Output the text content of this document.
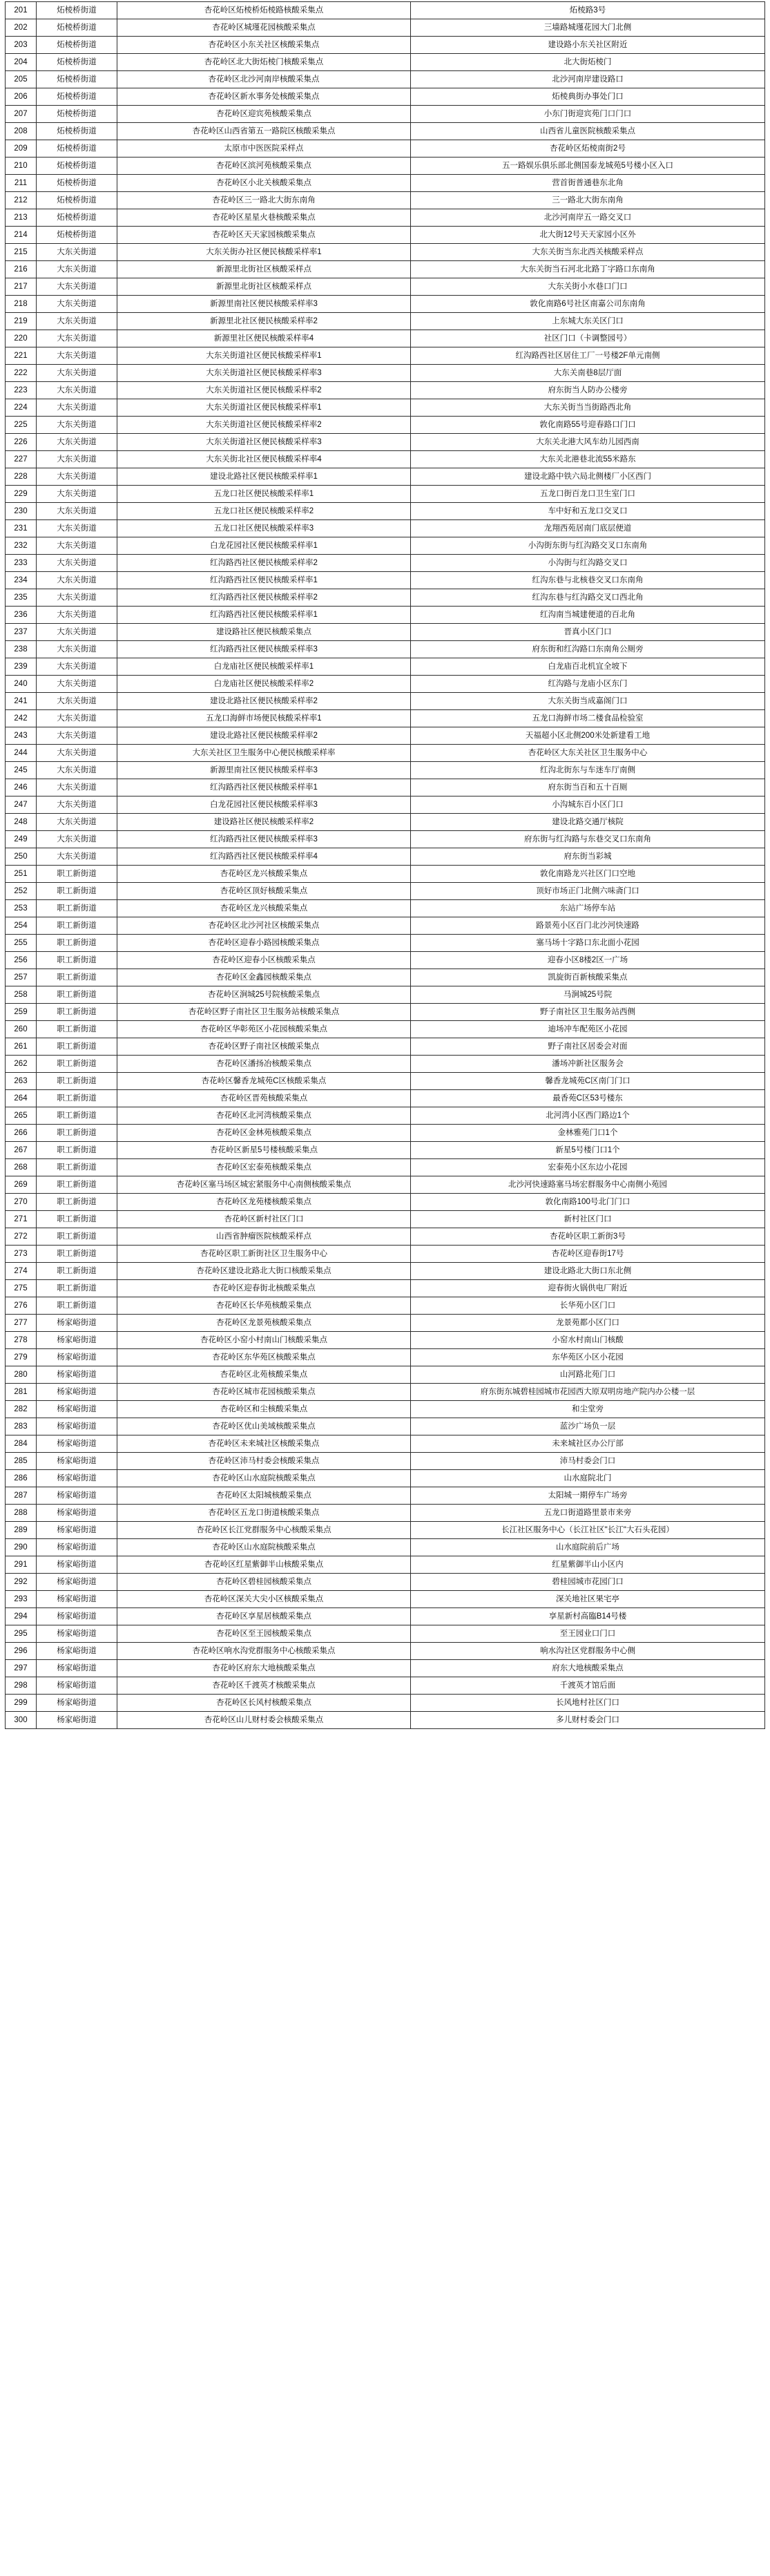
201	炻棱桥街道	杏花岭区炻棱桥炻棱路核酸采集点	炻棱路3号
202	炻棱桥街道	杏花岭区城瑾花园核酸采集点	三墙路城瑾花园大门北侧
203	炻棱桥街道	杏花岭区小东关社区核酸采集点	建设路小东关社区附近
204	炻棱桥街道	杏花岭区北大街炻棱门核酸采集点	北大街炻棱门
205	炻棱桥街道	杏花岭区北沙河南岸核酸采集点	北沙河南岸建设路口
206	炻棱桥街道	杏花岭区新水事务处核酸采集点	炻棱典街办事处门口
207	炻棱桥街道	杏花岭区迎宾苑核酸采集点	小东门街迎宾苑门口门口
208	炻棱桥街道	杏花岭区山西省第五一路院区核酸采集点	山西省儿童医院核酸采集点
209	炻棱桥街道	太原市中医医院采样点	杏花岭区炻棱南街2号
210	炻棱桥街道	杏花岭区滨河苑核酸采集点	五一路娱乐俱乐部北侧国泰龙城苑5号楼小区入口
211	炻棱桥街道	杏花岭区小北关核酸采集点	营首街普通巷东北角
212	炻棱桥街道	杏花岭区三一路北大街东南角	三一路北大街东南角
213	炻棱桥街道	杏花岭区星星火巷核酸采集点	北沙河南岸五一路交叉口
214	炻棱桥街道	杏花岭区天天家园核酸采集点	北大街12号天天家园小区外
215	大东关街道	大东关街办社区便民核酸采样率1	大东关街当东北西关核酸采样点
216	大东关街道	新源里北街社区核酸采样点	大东关街当石河北北路丁字路口东南角
217	大东关街道	新源里北街社区核酸采样点	大东关街小水巷口门口
218	大东关街道	新源里南社区便民核酸采样率3	敦化南路6号社区南嘉公司东南角
219	大东关街道	新源里北社区便民核酸采样率2	上东城大东关区门口
220	大东关街道	新源里社区便民核酸采样率4	社区门口（卡调整园号）
221	大东关街道	大东关街道社区便民核酸采样率1	红沟路西社区居住工厂一号楼2F单元南侧
222	大东关街道	大东关街道社区便民核酸采样率3	大东关南巷8层厅面
223	大东关街道	大东关街道社区便民核酸采样率2	府东街当人防办公楼旁
224	大东关街道	大东关街道社区便民核酸采样率1	大东关街当当街路西北角
225	大东关街道	大东关街道社区便民核酸采样率2	敦化南路55号迎春路口门口
226	大东关街道	大东关街道社区便民核酸采样率3	大东关北港大风车幼儿园西南
227	大东关街道	大东关街北社区便民核酸采样率4	大东关北港巷北流55米路东
228	大东关街道	建设北路社区便民核酸采样率1	建设北路中铁六局北侧楼厂小区西门
229	大东关街道	五龙口社区便民核酸采样率1	五龙口街百龙口卫生室门口
230	大东关街道	五龙口社区便民核酸采样率2	车中好和五龙口交叉口
231	大东关街道	五龙口社区便民核酸采样率3	龙翔西苑居南门底层便道
232	大东关街道	白龙花园社区便民核酸采样率1	小沟街东街与红沟路交叉口东南角
233	大东关街道	红沟路西社区便民核酸采样率2	小沟街与红沟路交叉口
234	大东关街道	红沟路西社区便民核酸采样率1	红沟东巷与北核巷交叉口东南角
235	大东关街道	红沟路西社区便民核酸采样率2	红沟东巷与红沟路交叉口西北角
236	大东关街道	红沟路西社区便民核酸采样率1	红沟南当城建便道的百北角
237	大东关街道	建设路社区便民核酸采集点	晋真小区门口
238	大东关街道	红沟路西社区便民核酸采样率3	府东街和红沟路口东南角公厕旁
239	大东关街道	白龙庙社区便民核酸采样率1	白龙庙百北机宜全坡下
240	大东关街道	白龙庙社区便民核酸采样率2	红沟路与龙庙小区东门
241	大东关街道	建设北路社区便民核酸采样率2	大东关街当成嘉阁门口
242	大东关街道	五龙口海鲜市场便民核酸采样率1	五龙口海鲜市场二楼食品检验室
243	大东关街道	建设北路社区便民核酸采样率2	天福超小区北侧200米处新建看工地
244	大东关街道	大东关社区卫生服务中心便民核酸采样率	杏花岭区大东关社区卫生服务中心
245	大东关街道	新源里南社区便民核酸采样率3	红沟北街东与车迷车厅南侧
246	大东关街道	红沟路西社区便民核酸采样率1	府东街当百和五十百厕
247	大东关街道	白龙花园社区便民核酸采样率3	小沟城东百小区门口
248	大东关街道	建设路社区便民核酸采样率2	建设北路交通厅核院
249	大东关街道	红沟路西社区便民核酸采样率3	府东街与红沟路与东巷交叉口东南角
250	大东关街道	红沟路西社区便民核酸采样率4	府东街当彩城
251	职工新街道	杏花岭区龙兴核酸采集点	敦化南路龙兴社区门口空地
252	职工新街道	杏花岭区顶好核酸采集点	顶好市场正门北侧六味斋门口
253	职工新街道	杏花岭区龙兴核酸采集点	东站广场停车站
254	职工新街道	杏花岭区北沙河社区核酸采集点	路景苑小区百门北沙河快速路
255	职工新街道	杏花岭区迎春小路园核酸采集点	塞马场十字路口东北面小花园
256	职工新街道	杏花岭区迎春小区核酸采集点	迎春小区8楼2区一广场
257	职工新街道	杏花岭区金鑫园核酸采集点	凯旋街百新核酸采集点
258	职工新街道	杏花岭区涧城25号院核酸采集点	马涧城25号院
259	职工新街道	杏花岭区野子南社区卫生服务站核酸采集点	野子南社区卫生服务站西侧
260	职工新街道	杏花岭区华彰苑区小花园核酸采集点	迪场冲车配苑区小花园
261	职工新街道	杏花岭区野子南社区核酸采集点	野子南社区居委会对面
262	职工新街道	杏花岭区潘扬冶核酸采集点	潘场冲新社区服务会
263	职工新街道	杏花岭区馨香龙城苑C区核酸采集点	馨香龙城苑C区南门门口
264	职工新街道	杏花岭区晋苑核酸采集点	最香苑C区53号楼东
265	职工新街道	杏花岭区北河湾核酸采集点	北河湾小区西门路边1个
266	职工新街道	杏花岭区金林苑核酸采集点	金林雅苑门口1个
267	职工新街道	杏花岭区新星5号楼核酸采集点	新星5号楼门口1个
268	职工新街道	杏花岭区宏泰苑核酸采集点	宏泰苑小区东边小花园
269	职工新街道	杏花岭区塞马场区城宏紧服务中心南侧核酸采集点	北沙河快速路塞马场宏群服务中心南侧小苑园
270	职工新街道	杏花岭区龙苑楼核酸采集点	敦化南路100号北门门口
271	职工新街道	杏花岭区新村社区门口	新村社区门口
272	职工新街道	山西省肿瘤医院核酸采样点	杏花岭区职工新街3号
273	职工新街道	杏花岭区职工新街社区卫生服务中心	杏花岭区迎春街17号
274	职工新街道	杏花岭区建设北路北大街口核酸采集点	建设北路北大街口东北侧
275	职工新街道	杏花岭区迎春街北核酸采集点	迎春街火锅供电厂附近
276	职工新街道	杏花岭区长华苑核酸采集点	长华苑小区门口
277	杨家峪街道	杏花岭区龙景苑核酸采集点	龙景苑都小区门口
278	杨家峪街道	杏花岭区小窑小村南山门核酸采集点	小窑水村南山门核酸
279	杨家峪街道	杏花岭区东华苑区核酸采集点	东华苑区小区小花园
280	杨家峪街道	杏花岭区北苑核酸采集点	山河路北苑门口
281	杨家峪街道	杏花岭区城市花园核酸采集点	府东街东城碧桂园城市花园西大原双明房地产院内办公楼一层
282	杨家峪街道	杏花岭区和尘核酸采集点	和尘堂旁
283	杨家峪街道	杏花岭区优山美域核酸采集点	蓝沙广场负一层
284	杨家峪街道	杏花岭区未来城社区核酸采集点	未来城社区办公厅部
285	杨家峪街道	杏花岭区沛马村委会核酸采集点	沛马村委会门口
286	杨家峪街道	杏花岭区山水庭院核酸采集点	山水庭院北门
287	杨家峪街道	杏花岭区太阳城核酸采集点	太阳城一期停车广场旁
288	杨家峪街道	杏花岭区五龙口街道核酸采集点	五龙口街道路里景市来旁
289	杨家峪街道	杏花岭区长江党群服务中心核酸采集点	长江社区服务中心（长江社区"长江"大石头花园）
290	杨家峪街道	杏花岭区山水庭院核酸采集点	山水庭院前后广场
291	杨家峪街道	杏花岭区红星紫御半山核酸采集点	红星紫御半山小区内
292	杨家峪街道	杏花岭区碧桂园核酸采集点	碧桂园城市花园门口
293	杨家峪街道	杏花岭区深关大尖小区核酸采集点	深关地社区果宅亭
294	杨家峪街道	杏花岭区享星居核酸采集点	享星新村高臨B14号楼
295	杨家峪街道	杏花岭区至王园核酸采集点	至王园业口门口
296	杨家峪街道	杏花岭区响水沟党群服务中心核酸采集点	响水沟社区党群服务中心侧
297	杨家峪街道	杏花岭区府东大地核酸采集点	府东大地核酸采集点
298	杨家峪街道	杏花岭区千渡英才核酸采集点	千渡英才馆后面
299	杨家峪街道	杏花岭区长风村核酸采集点	长风地村社区门口
300	杨家峪街道	杏花岭区山儿财村委会核酸采集点	多儿财村委会门口
